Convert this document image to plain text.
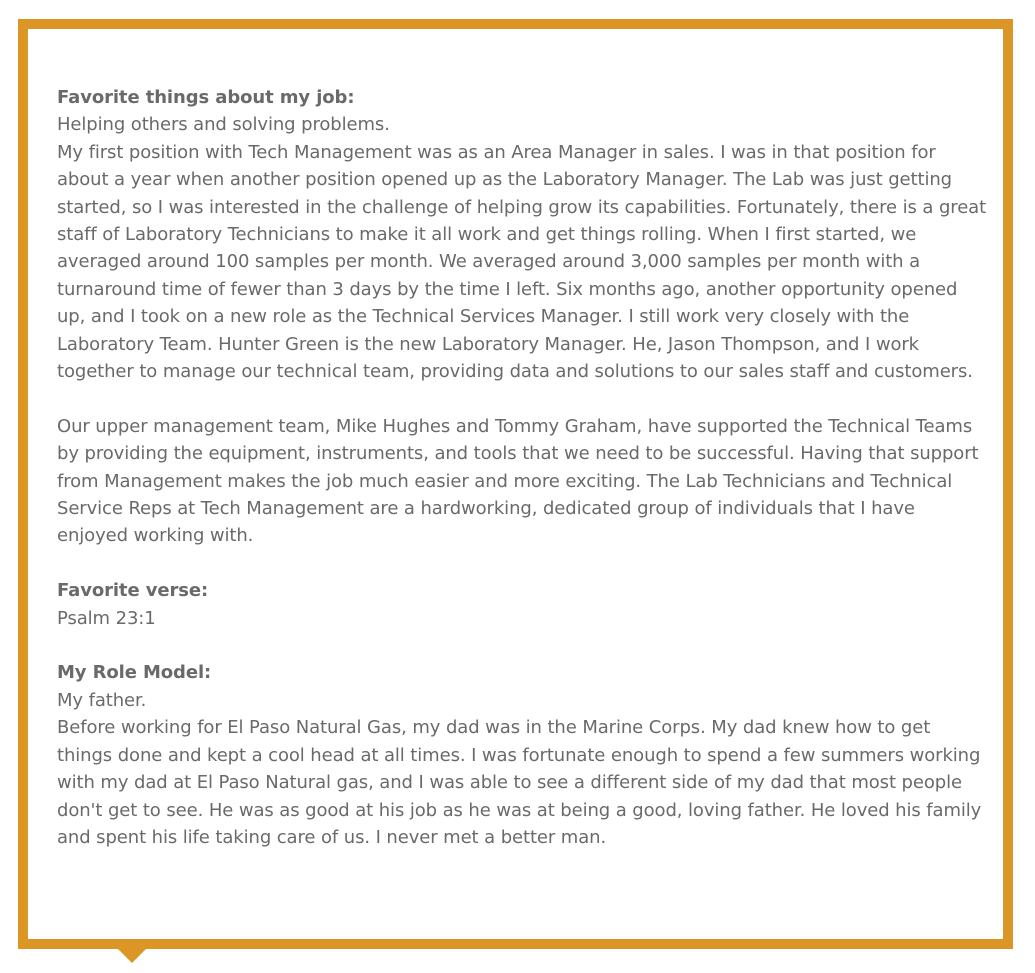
Favorite things about my job:

Helping others and solving problems.

My first position with Tech Management was as an Area Manager in sales. I was in that position for about a year when another position opened up as the Laboratory Manager. The Lab was just getting started, so I was interested in the challenge of helping grow its capabilities. Fortunately, there is a great staff of Laboratory Technicians to make it all work and get things rolling. When I first started, we averaged around 100 samples per month. We averaged around 3,000 samples per month with a turnaround time of fewer than 3 days by the time I left. Six months ago, another opportunity opened up, and I took on a new role as the Technical Services Manager. I still work very closely with the Laboratory Team. Hunter Green is the new Laboratory Manager. He, Jason Thompson, and I work together to manage our technical team, providing data and solutions to our sales staff and customers.

Our upper management team, Mike Hughes and Tommy Graham, have supported the Technical Teams by providing the equipment, instruments, and tools that we need to be successful. Having that support from Management makes the job much easier and more exciting. The Lab Technicians and Technical Service Reps at Tech Management are a hardworking, dedicated group of individuals that I have enjoyed working with.

Favorite verse:

Psalm 23:1

My Role Model:

My father.

Before working for El Paso Natural Gas, my dad was in the Marine Corps. My dad knew how to get things done and kept a cool head at all times. I was fortunate enough to spend a few summers working with my dad at El Paso Natural gas, and I was able to see a different side of my dad that most people don't get to see. He was as good at his job as he was at being a good, loving father. He loved his family and spent his life taking care of us. I never met a better man.
